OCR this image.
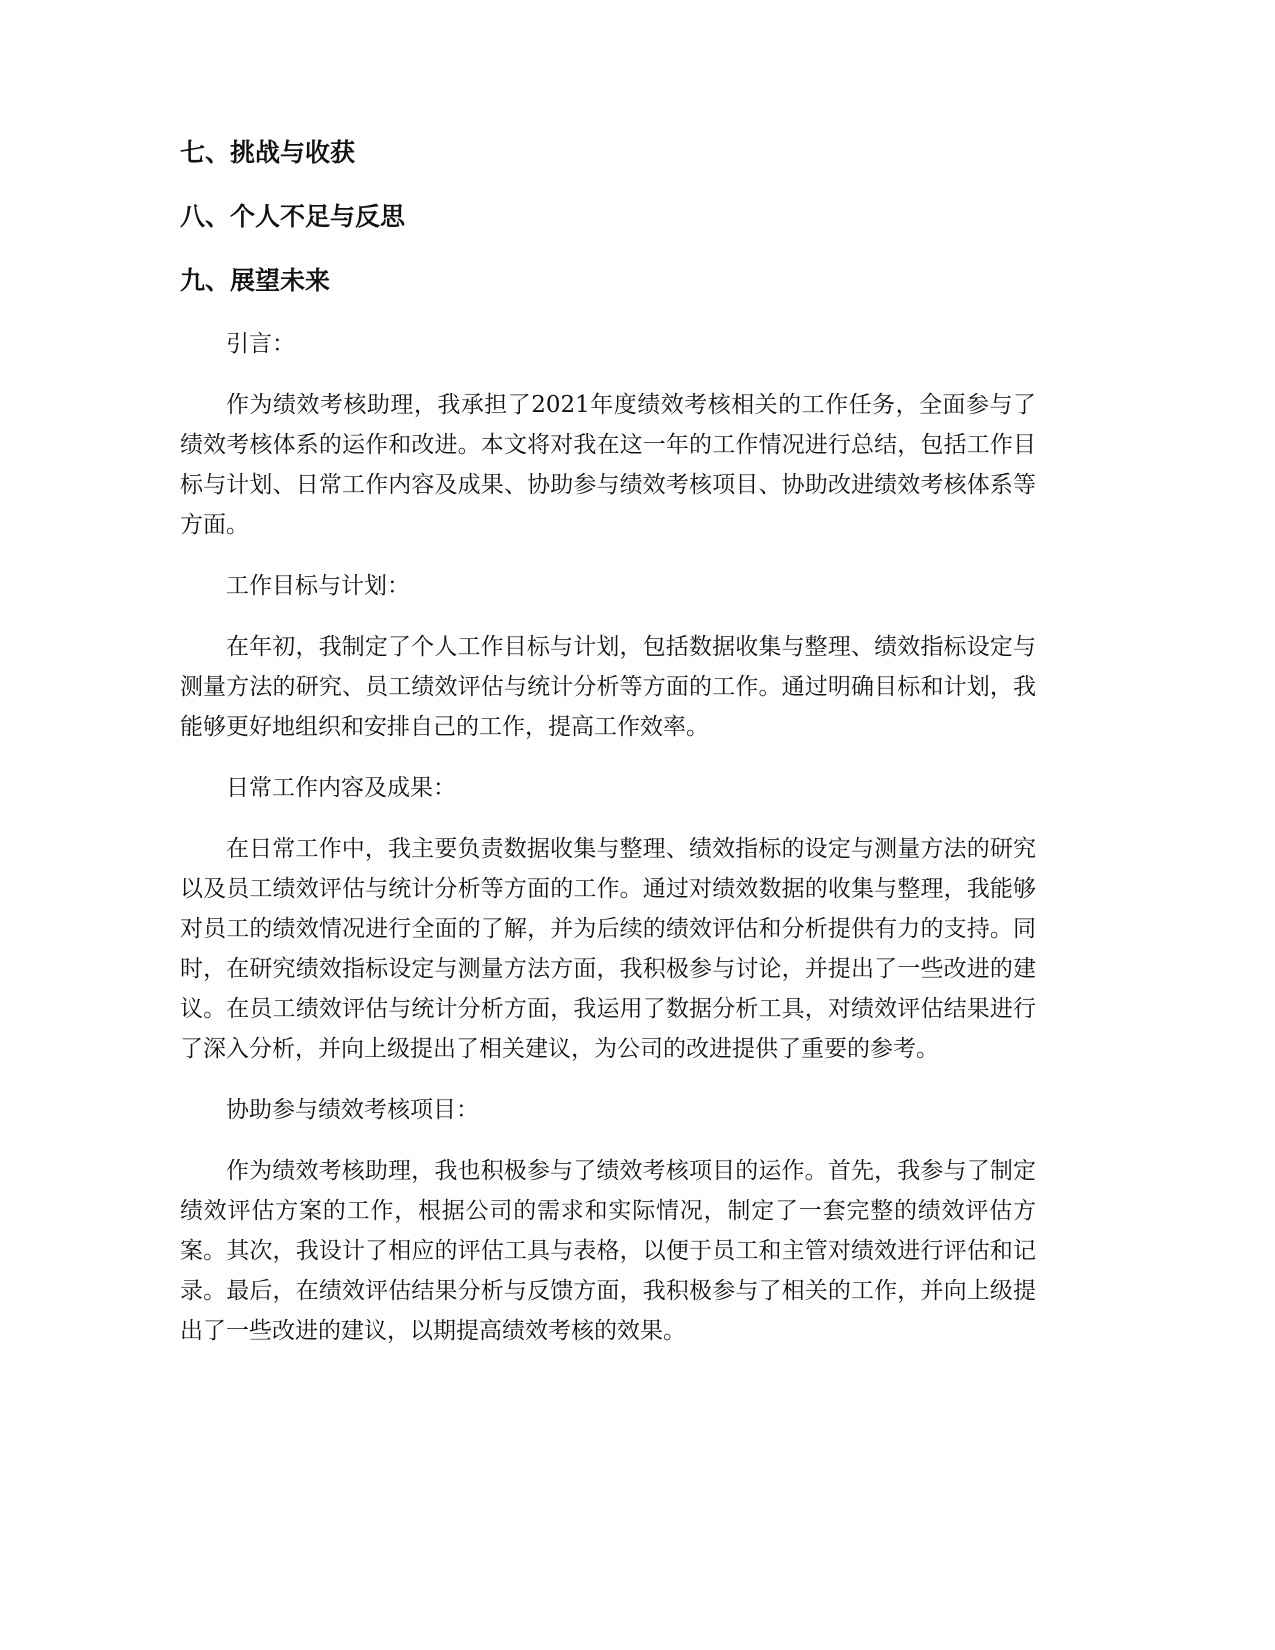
七、挑战与收获
八、个人不足与反思
九、展望未来
引言：
作为绩效考核助理，我承担了2021年度绩效考核相关的工作任务，全面参与了绩效考核体系的运作和改进。本文将对我在这一年的工作情况进行总结，包括工作目标与计划、日常工作内容及成果、协助参与绩效考核项目、协助改进绩效考核体系等方面。
工作目标与计划：
在年初，我制定了个人工作目标与计划，包括数据收集与整理、绩效指标设定与测量方法的研究、员工绩效评估与统计分析等方面的工作。通过明确目标和计划，我能够更好地组织和安排自己的工作，提高工作效率。
日常工作内容及成果：
在日常工作中，我主要负责数据收集与整理、绩效指标的设定与测量方法的研究以及员工绩效评估与统计分析等方面的工作。通过对绩效数据的收集与整理，我能够对员工的绩效情况进行全面的了解，并为后续的绩效评估和分析提供有力的支持。同时，在研究绩效指标设定与测量方法方面，我积极参与讨论，并提出了一些改进的建议。在员工绩效评估与统计分析方面，我运用了数据分析工具，对绩效评估结果进行了深入分析，并向上级提出了相关建议，为公司的改进提供了重要的参考。
协助参与绩效考核项目：
作为绩效考核助理，我也积极参与了绩效考核项目的运作。首先，我参与了制定绩效评估方案的工作，根据公司的需求和实际情况，制定了一套完整的绩效评估方案。其次，我设计了相应的评估工具与表格，以便于员工和主管对绩效进行评估和记录。最后，在绩效评估结果分析与反馈方面，我积极参与了相关的工作，并向上级提出了一些改进的建议，以期提高绩效考核的效果。
